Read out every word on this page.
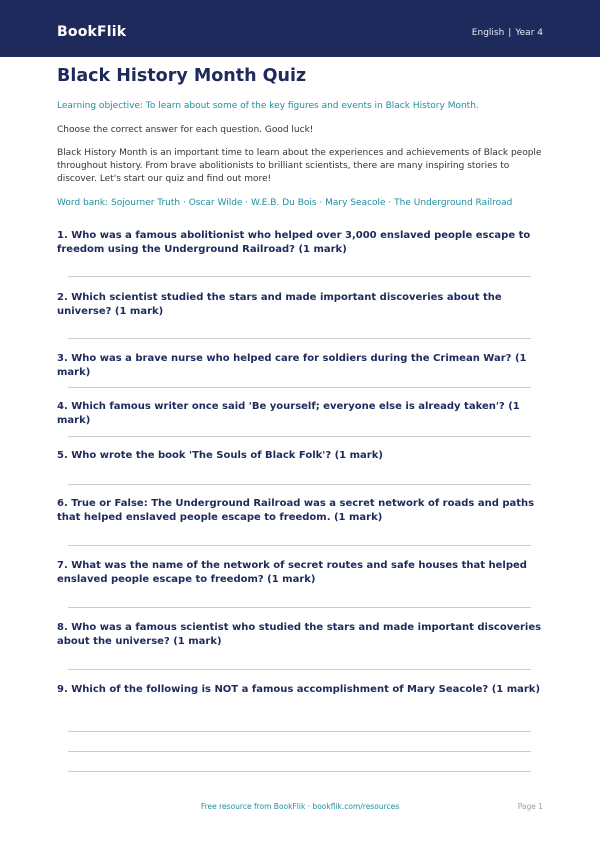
BookFlik	English | Year 4
Black History Month Quiz
Learning objective: To learn about some of the key figures and events in Black History Month.
Choose the correct answer for each question. Good luck!
Black History Month is an important time to learn about the experiences and achievements of Black people throughout history. From brave abolitionists to brilliant scientists, there are many inspiring stories to discover. Let's start our quiz and find out more!
Word bank: Sojourner Truth · Oscar Wilde · W.E.B. Du Bois · Mary Seacole · The Underground Railroad
1. Who was a famous abolitionist who helped over 3,000 enslaved people escape to freedom using the Underground Railroad? (1 mark)
2. Which scientist studied the stars and made important discoveries about the universe? (1 mark)
3. Who was a brave nurse who helped care for soldiers during the Crimean War? (1 mark)
4. Which famous writer once said 'Be yourself; everyone else is already taken'? (1 mark)
5. Who wrote the book 'The Souls of Black Folk'? (1 mark)
6. True or False: The Underground Railroad was a secret network of roads and paths that helped enslaved people escape to freedom. (1 mark)
7. What was the name of the network of secret routes and safe houses that helped enslaved people escape to freedom? (1 mark)
8. Who was a famous scientist who studied the stars and made important discoveries about the universe? (1 mark)
9. Which of the following is NOT a famous accomplishment of Mary Seacole? (1 mark)
Free resource from BookFlik · bookflik.com/resources	Page 1
